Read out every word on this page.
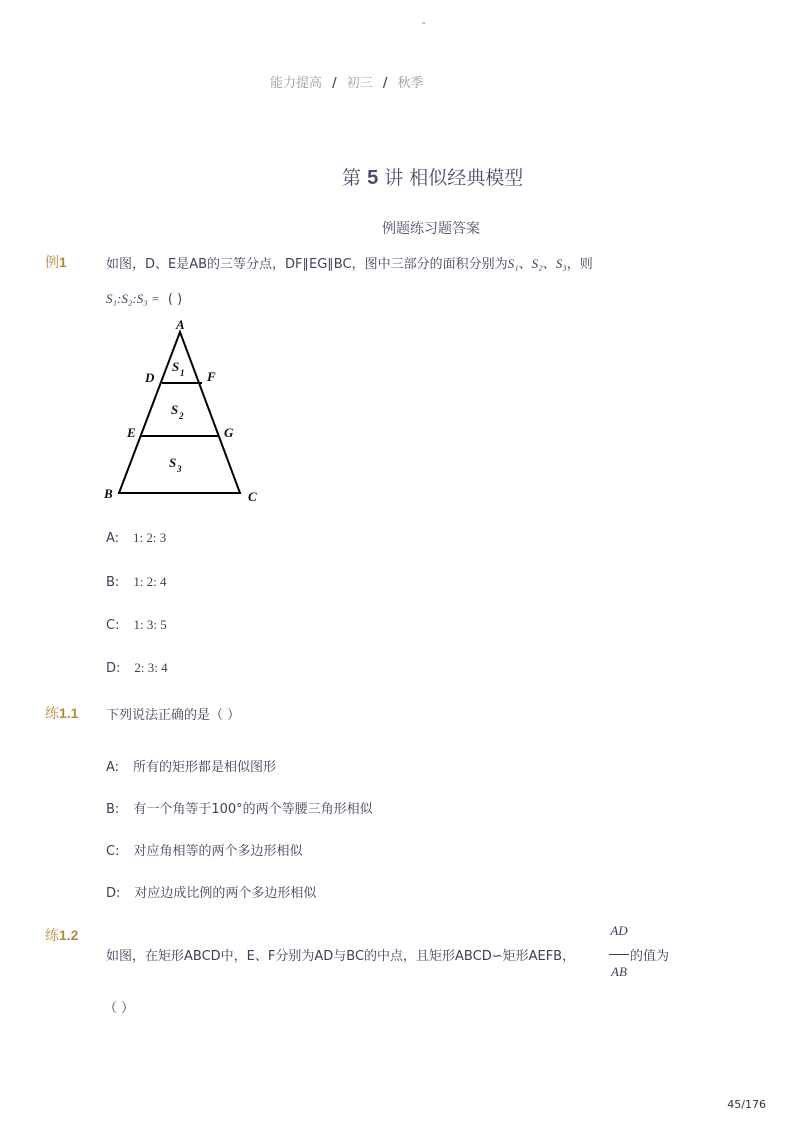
-
能力提高 / 初三 / 秋季
第 5 讲 相似经典模型
例题练习题答案
例1	如图，D、E是AB的三等分点，DF∥EG∥BC，图中三部分的面积分别为S₁、S₂、S₃，则
S₁:S₂:S₃ = ( )
A
D	F
E	G
B	C
S 1
S 2
S 3
A: 1: 2: 3
B: 1: 2: 4
C: 1: 3: 5
D: 2: 3: 4
练1.1 下列说法正确的是（ ）
A: 所有的矩形都是相似图形
B: 有一个角等于100°的两个等腰三角形相似
C: 对应角相等的两个多边形相似
D: 对应边成比例的两个多边形相似
练1.2
如图，在矩形ABCD中，E、F分别为AD与BC的中点，且矩形ABCD∽矩形AEFB，
AD
AB
的值为
（ ）
45/176
